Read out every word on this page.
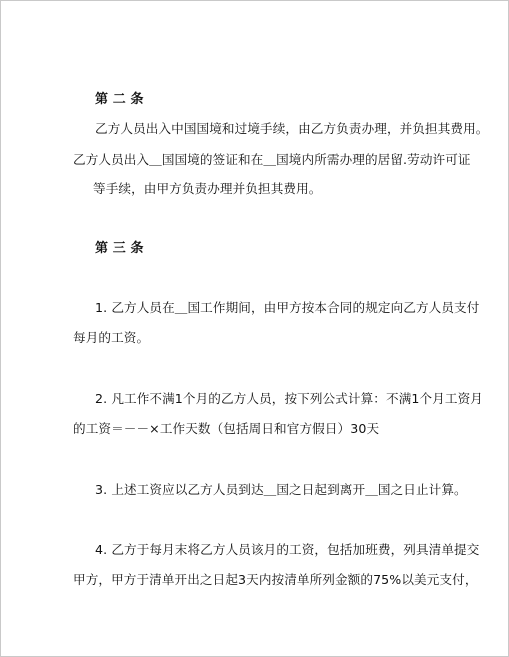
第 二 条
乙方人员出入中国国境和过境手续，由乙方负责办理，并负担其费用。
乙方人员出入＿国国境的签证和在＿国境内所需办理的居留.劳动许可证
等手续，由甲方负责办理并负担其费用。
第 三 条
1. 乙方人员在＿国工作期间，由甲方按本合同的规定向乙方人员支付
每月的工资。
2. 凡工作不满1个月的乙方人员，按下列公式计算：不满1个月工资月
的工资＝－－×工作天数（包括周日和官方假日）30天
3. 上述工资应以乙方人员到达＿国之日起到离开＿国之日止计算。
4. 乙方于每月末将乙方人员该月的工资，包括加班费，列具清单提交
甲方，甲方于清单开出之日起3天内按清单所列金额的75%以美元支付，
